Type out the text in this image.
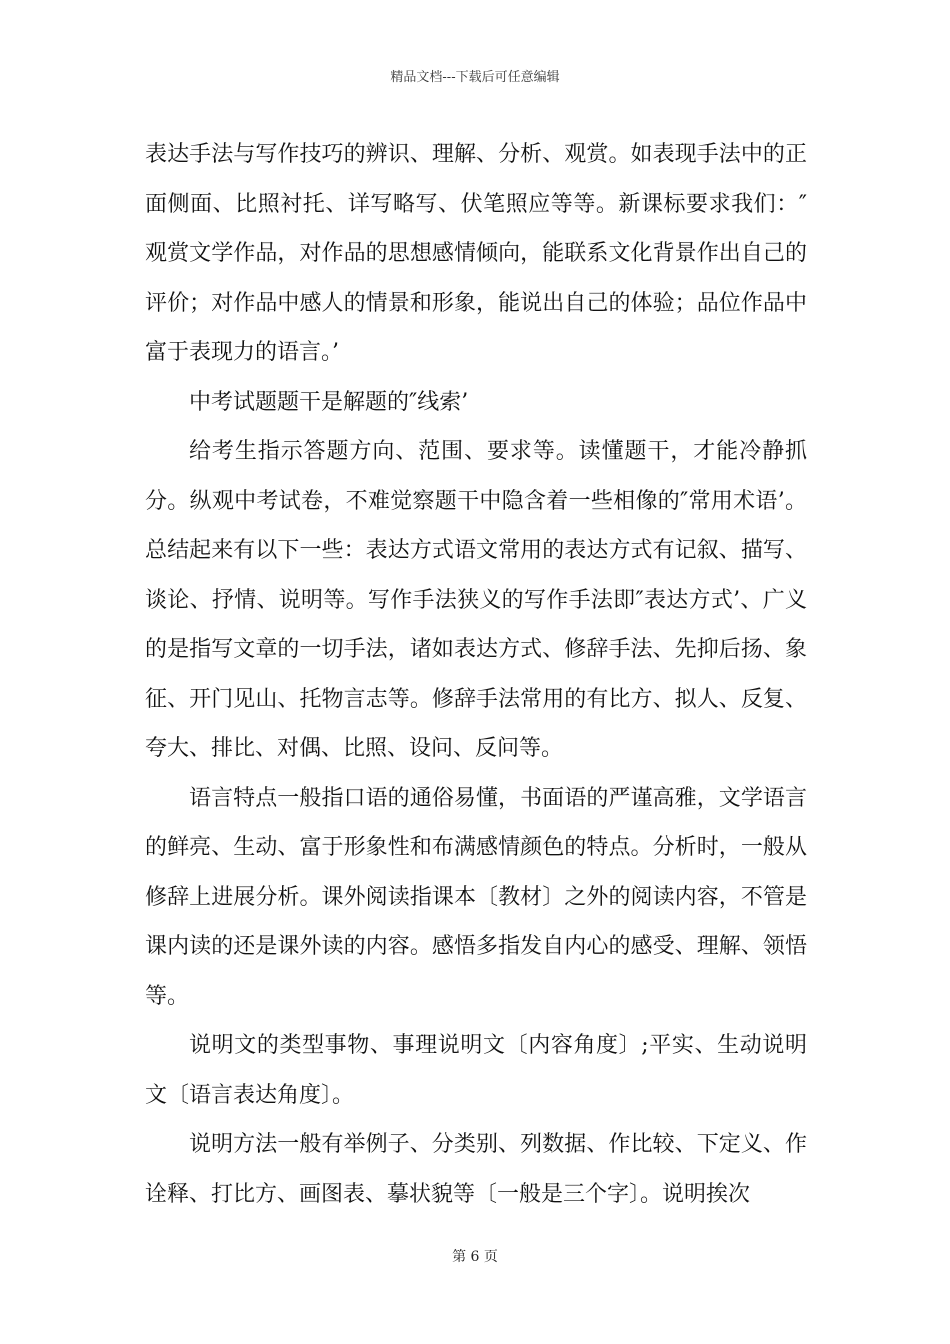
精品文档---下载后可任意编辑

表达手法与写作技巧的辨识、理解、分析、观赏。如表现手法中的正面侧面、比照衬托、详写略写、伏笔照应等等。新课标要求我们：″观赏文学作品，对作品的思想感情倾向，能联系文化背景作出自己的评价；对作品中感人的情景和形象，能说出自己的体验；品位作品中富于表现力的语言。’

中考试题题干是解题的″线索’

给考生指示答题方向、范围、要求等。读懂题干，才能冷静抓分。纵观中考试卷，不难觉察题干中隐含着一些相像的″常用术语’。总结起来有以下一些：表达方式语文常用的表达方式有记叙、描写、谈论、抒情、说明等。写作手法狭义的写作手法即″表达方式’、广义的是指写文章的一切手法，诸如表达方式、修辞手法、先抑后扬、象征、开门见山、托物言志等。修辞手法常用的有比方、拟人、反复、夸大、排比、对偶、比照、设问、反问等。

语言特点一般指口语的通俗易懂，书面语的严谨高雅，文学语言的鲜亮、生动、富于形象性和布满感情颜色的特点。分析时，一般从修辞上进展分析。课外阅读指课本〔教材〕之外的阅读内容，不管是课内读的还是课外读的内容。感悟多指发自内心的感受、理解、领悟等。

说明文的类型事物、事理说明文〔内容角度〕;平实、生动说明文〔语言表达角度〕。

说明方法一般有举例子、分类别、列数据、作比较、下定义、作诠释、打比方、画图表、摹状貌等〔一般是三个字〕。说明挨次

第 6 页
